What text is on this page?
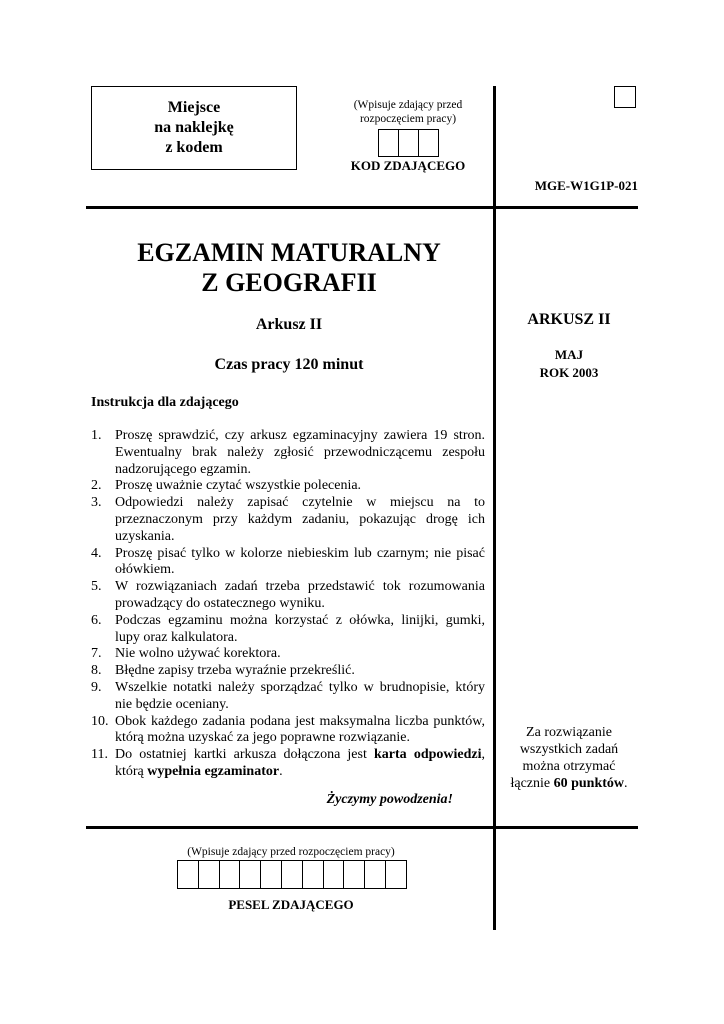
Miejsce
na naklejkę
z kodem
(Wpisuje zdający przed
rozpoczęciem pracy)
KOD ZDAJĄCEGO
MGE-W1G1P-021
EGZAMIN MATURALNY
Z GEOGRAFII
Arkusz II
Czas pracy 120 minut
Instrukcja dla zdającego
1. Proszę sprawdzić, czy arkusz egzaminacyjny zawiera 19 stron. Ewentualny brak należy zgłosić przewodniczącemu zespołu nadzorującego egzamin.
2. Proszę uważnie czytać wszystkie polecenia.
3. Odpowiedzi należy zapisać czytelnie w miejscu na to przeznaczonym przy każdym zadaniu, pokazując drogę ich uzyskania.
4. Proszę pisać tylko w kolorze niebieskim lub czarnym; nie pisać ołówkiem.
5. W rozwiązaniach zadań trzeba przedstawić tok rozumowania prowadzący do ostatecznego wyniku.
6. Podczas egzaminu można korzystać z ołówka, linijki, gumki, lupy oraz kalkulatora.
7. Nie wolno używać korektora.
8. Błędne zapisy trzeba wyraźnie przekreślić.
9. Wszelkie notatki należy sporządzać tylko w brudnopisie, który nie będzie oceniany.
10. Obok każdego zadania podana jest maksymalna liczba punktów, którą można uzyskać za jego poprawne rozwiązanie.
11. Do ostatniej kartki arkusza dołączona jest karta odpowiedzi, którą wypełnia egzaminator.
Życzymy powodzenia!
ARKUSZ II
MAJ
ROK 2003
Za rozwiązanie
wszystkich zadań
można otrzymać
łącznie 60 punktów.
(Wpisuje zdający przed rozpoczęciem pracy)
PESEL ZDAJĄCEGO
